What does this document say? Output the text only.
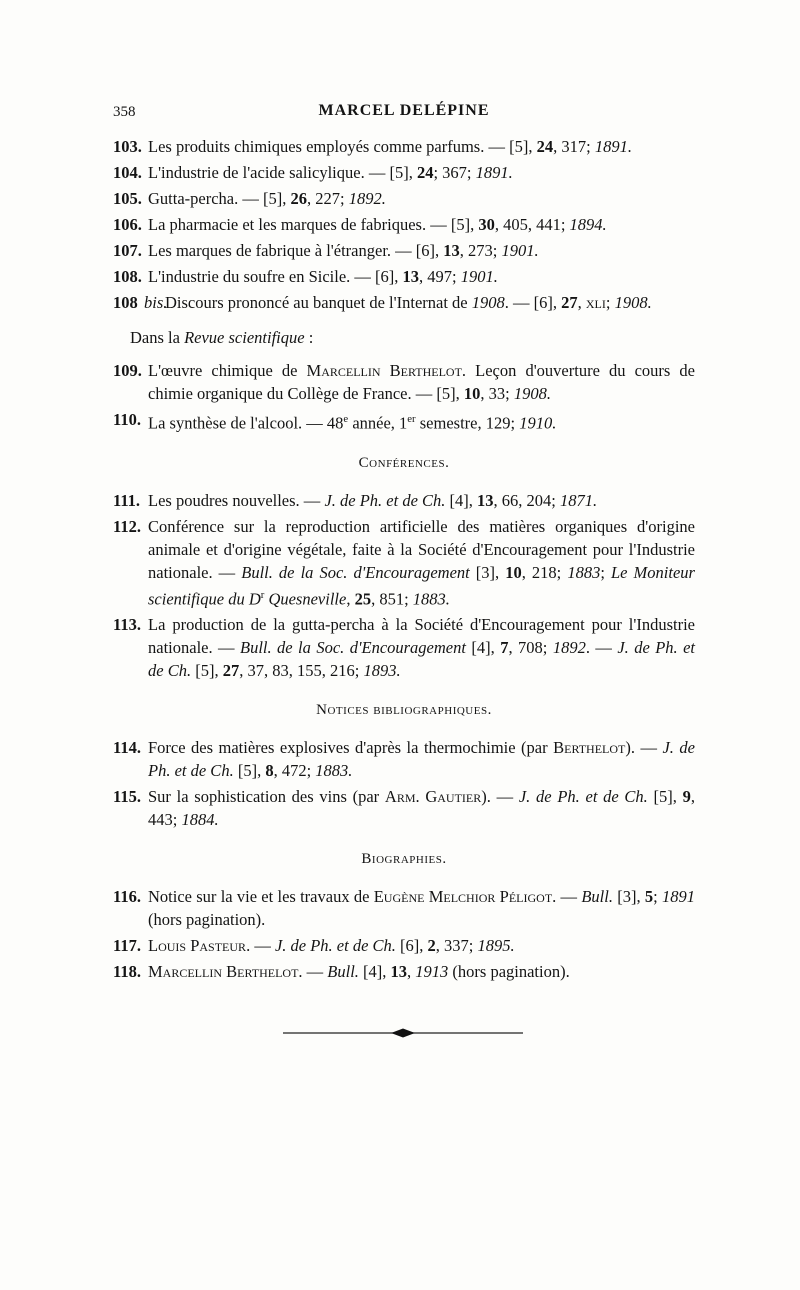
358	MARCEL DELÉPINE
103. Les produits chimiques employés comme parfums. — [5], 24, 317; 1891.
104. L'industrie de l'acide salicylique. — [5], 24; 367; 1891.
105. Gutta-percha. — [5], 26, 227; 1892.
106. La pharmacie et les marques de fabriques. — [5], 30, 405, 441; 1894.
107. Les marques de fabrique à l'étranger. — [6], 13, 273; 1901.
108. L'industrie du soufre en Sicile. — [6], 13, 497; 1901.
108 bis.
Discours prononcé au banquet de l'Internat de 1908. — [6], 27, xli; 1908.
Dans la Revue scientifique :
109. L'œuvre chimique de Marcellin Berthelot. Leçon d'ouverture du cours de chimie organique du Collège de France. — [5], 10, 33; 1908.
110. La synthèse de l'alcool. — 48e année, 1er semestre, 129; 1910.
Conférences.
111. Les poudres nouvelles. — J. de Ph. et de Ch. [4], 13, 66, 204; 1871.
112. Conférence sur la reproduction artificielle des matières organiques d'origine animale et d'origine végétale, faite à la Société d'Encouragement pour l'Industrie nationale. — Bull. de la Soc. d'Encouragement [3], 10, 218; 1883; Le Moniteur scientifique du $D^r$ Quesneville, 25, 851; 1883.
113. La production de la gutta-percha à la Société d'Encouragement pour l'Industrie nationale. — Bull. de la Soc. d'Encouragement [4], 7, 708; 1892. — J. de Ph. et de Ch. [5], 27, 37, 83, 155, 216; 1893.
Notices bibliographiques.
114. Force des matières explosives d'après la thermochimie (par Berthelot). — J. de Ph. et de Ch. [5], 8, 472; 1883.
115. Sur la sophistication des vins (par Arm. Gautier). — J. de Ph. et de Ch. [5], 9, 443; 1884.
Biographies.
116. Notice sur la vie et les travaux de Eugène Melchior Péligot. — Bull. [3], 5; 1891 (hors pagination).
117. Louis Pasteur. — J. de Ph. et de Ch. [6], 2, 337; 1895.
118. Marcellin Berthelot. — Bull. [4], 13, 1913 (hors pagination).
